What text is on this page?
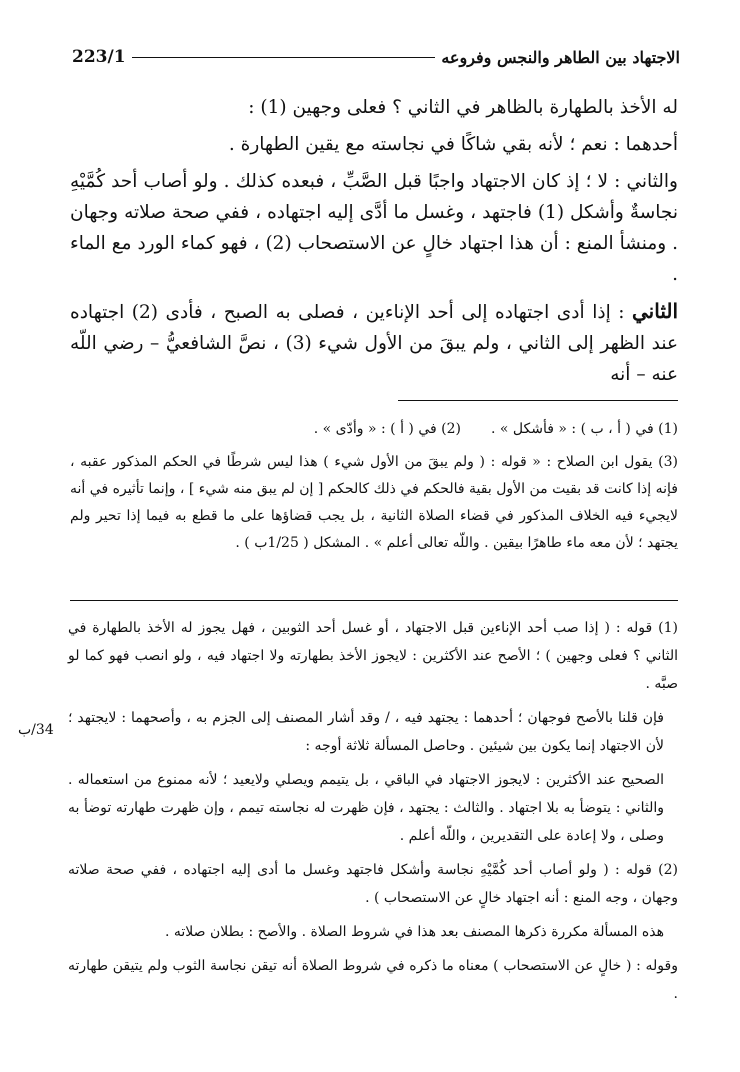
223/1	الاجتهاد بين الطاهر والنجس وفروعه

له الأخذ بالطهارة بالظاهر في الثاني ؟ فعلى وجهين (1) :

أحدهما : نعم ؛ لأنه بقي شاكًا في نجاسته مع يقين الطهارة .

والثاني : لا ؛ إذ كان الاجتهاد واجبًا قبل الصَّبِّ ، فبعده كذلك . ولو أصاب أحد كُمَّيْهِ نجاسةٌ وأشكل (1) فاجتهد ، وغسل ما أدَّى إليه اجتهاده ، ففي صحة صلاته وجهان . ومنشأ المنع : أن هذا اجتهاد خالٍ عن الاستصحاب (2) ، فهو كماء الورد مع الماء .

الثاني : إذا أدى اجتهاده إلى أحد الإناءين ، فصلى به الصبح ، فأدى (2) اجتهاده عند الظهر إلى الثاني ، ولم يبقَ من الأول شيء (3) ، نصَّ الشافعيُّ – رضي اللّه عنه – أنه

(1) في ( أ ، ب ) : « فأشكل » .
(2) في ( أ ) : « وأدّى » .

(3) يقول ابن الصلاح : « قوله : ( ولم يبقَ من الأول شيء ) هذا ليس شرطًا في الحكم المذكور عقبه ، فإنه إذا كانت قد بقيت من الأول بقية فالحكم في ذلك كالحكم [ إن لم يبق منه شيء ] ، وإنما تأثيره في أنه لايجيء فيه الخلاف المذكور في قضاء الصلاة الثانية ، بل يجب قضاؤها على ما قطع به فيما إذا تحير ولم يجتهد ؛ لأن معه ماء طاهرًا بيقين . واللّه تعالى أعلم » . المشكل ( 1/25ب ) .

(1) قوله : ( إذا صب أحد الإناءين قبل الاجتهاد ، أو غسل أحد الثوبين ، فهل يجوز له الأخذ بالطهارة في الثاني ؟ فعلى وجهين ) ؛ الأصح عند الأكثرين : لايجوز الأخذ بطهارته ولا اجتهاد فيه ، ولو انصب فهو كما لو صبَّه .

فإن قلنا بالأصح فوجهان ؛ أحدهما : يجتهد فيه ، / وقد أشار المصنف إلى الجزم به ، وأصحهما : لايجتهد ؛ لأن الاجتهاد إنما يكون بين شيئين . وحاصل المسألة ثلاثة أوجه :

الصحيح عند الأكثرين : لايجوز الاجتهاد في الباقي ، بل يتيمم ويصلي ولايعيد ؛ لأنه ممنوع من استعماله . والثاني : يتوضأ به بلا اجتهاد . والثالث : يجتهد ، فإن ظهرت له نجاسته تيمم ، وإن ظهرت طهارته توضأ به وصلى ، ولا إعادة على التقديرين ، واللّه أعلم .

(2) قوله : ( ولو أصاب أحد كُمَّيْهِ نجاسة وأشكل فاجتهد وغسل ما أدى إليه اجتهاده ، ففي صحة صلاته وجهان ، وجه المنع : أنه اجتهاد خالٍ عن الاستصحاب ) .

هذه المسألة مكررة ذكرها المصنف بعد هذا في شروط الصلاة . والأصح : بطلان صلاته .

وقوله : ( خالٍ عن الاستصحاب ) معناه ما ذكره في شروط الصلاة أنه تيقن نجاسة الثوب ولم يتيقن طهارته .

34/ب
